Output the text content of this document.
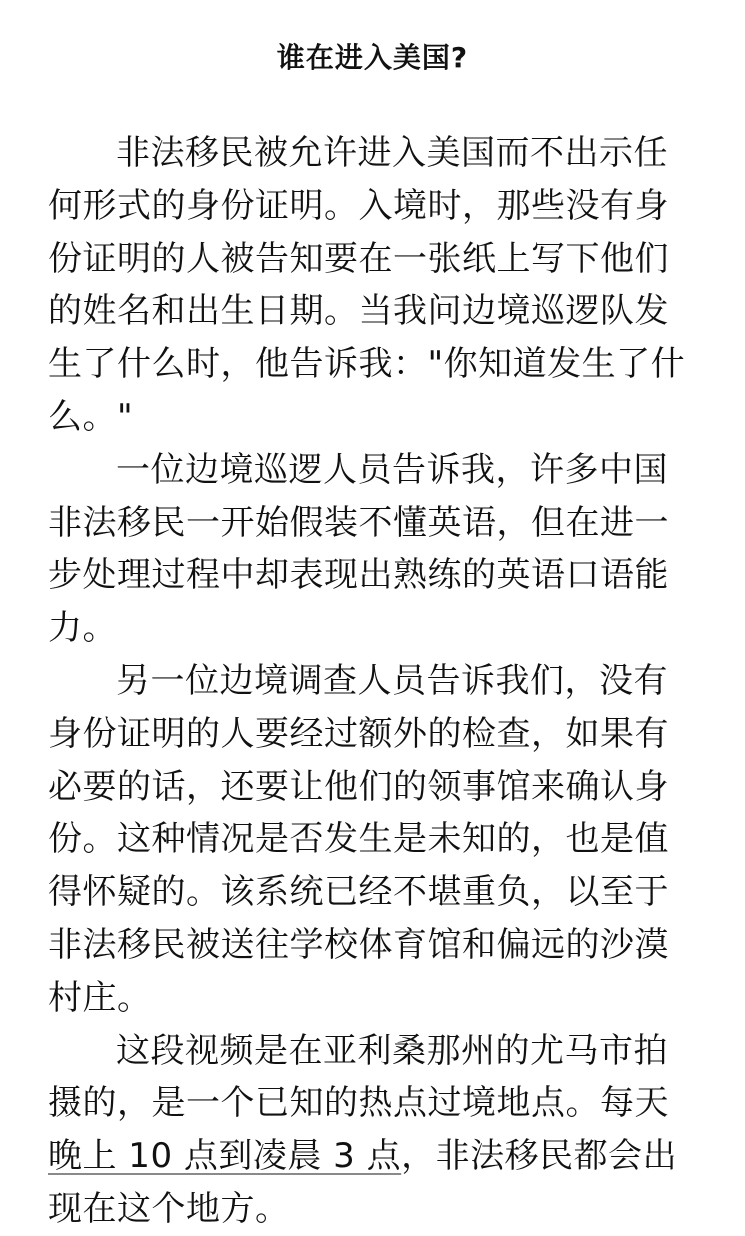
谁在进入美国?

非法移民被允许进入美国而不出示任何形式的身份证明。入境时，那些没有身份证明的人被告知要在一张纸上写下他们的姓名和出生日期。当我问边境巡逻队发生了什么时，他告诉我："你知道发生了什么。"

一位边境巡逻人员告诉我，许多中国非法移民一开始假装不懂英语，但在进一步处理过程中却表现出熟练的英语口语能力。

另一位边境调查人员告诉我们，没有身份证明的人要经过额外的检查，如果有必要的话，还要让他们的领事馆来确认身份。这种情况是否发生是未知的，也是值得怀疑的。该系统已经不堪重负，以至于非法移民被送往学校体育馆和偏远的沙漠村庄。

这段视频是在亚利桑那州的尤马市拍摄的，是一个已知的热点过境地点。每天晚上 10 点到凌晨 3 点，非法移民都会出现在这个地方。
